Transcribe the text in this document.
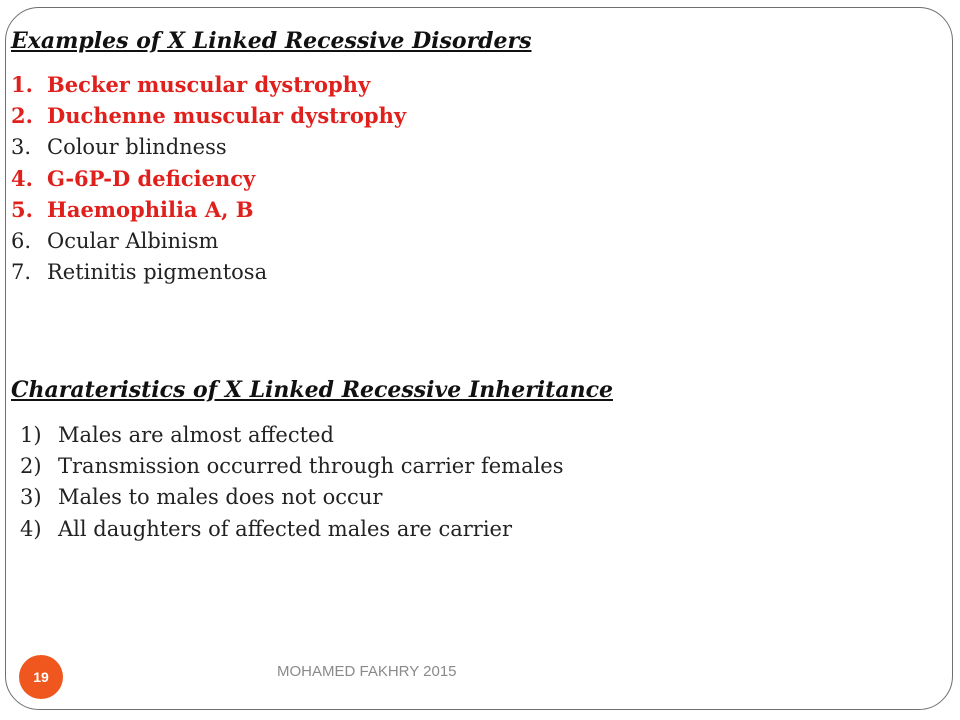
Examples of X Linked Recessive Disorders
1. Becker muscular dystrophy
2. Duchenne muscular dystrophy
3. Colour blindness
4. G-6P-D deficiency
5. Haemophilia A, B
6. Ocular Albinism
7. Retinitis pigmentosa
Charateristics of X Linked Recessive Inheritance
1) Males are almost affected
2) Transmission occurred through carrier females
3) Males to males does not occur
4) All daughters of affected males are carrier
19	MOHAMED FAKHRY 2015
